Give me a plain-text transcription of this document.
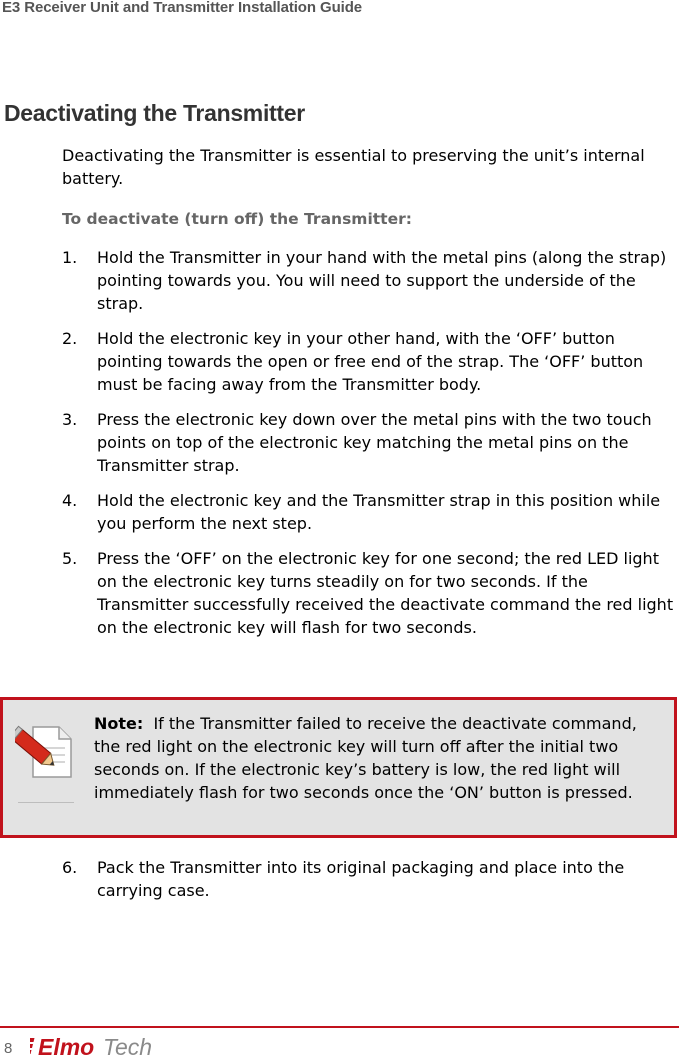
E3 Receiver Unit and Transmitter Installation Guide
Deactivating the Transmitter

Deactivating the Transmitter is essential to preserving the unit’s internal battery.

To deactivate (turn off) the Transmitter:

1. Hold the Transmitter in your hand with the metal pins (along the strap) pointing towards you. You will need to support the underside of the strap.
2. Hold the electronic key in your other hand, with the ‘OFF’ button pointing towards the open or free end of the strap. The ‘OFF’ button must be facing away from the Transmitter body.
3. Press the electronic key down over the metal pins with the two touch points on top of the electronic key matching the metal pins on the Transmitter strap.
4. Hold the electronic key and the Transmitter strap in this position while you perform the next step.
5. Press the ‘OFF’ on the electronic key for one second; the red LED light on the electronic key turns steadily on for two seconds. If the Transmitter successfully received the deactivate command the red light on the electronic key will flash for two seconds.

Note: If the Transmitter failed to receive the deactivate command, the red light on the electronic key will turn off after the initial two seconds on. If the electronic key’s battery is low, the red light will immediately flash for two seconds once the ‘ON’ button is pressed.

6. Pack the Transmitter into its original packaging and place into the carrying case.
8 Elmo Tech
